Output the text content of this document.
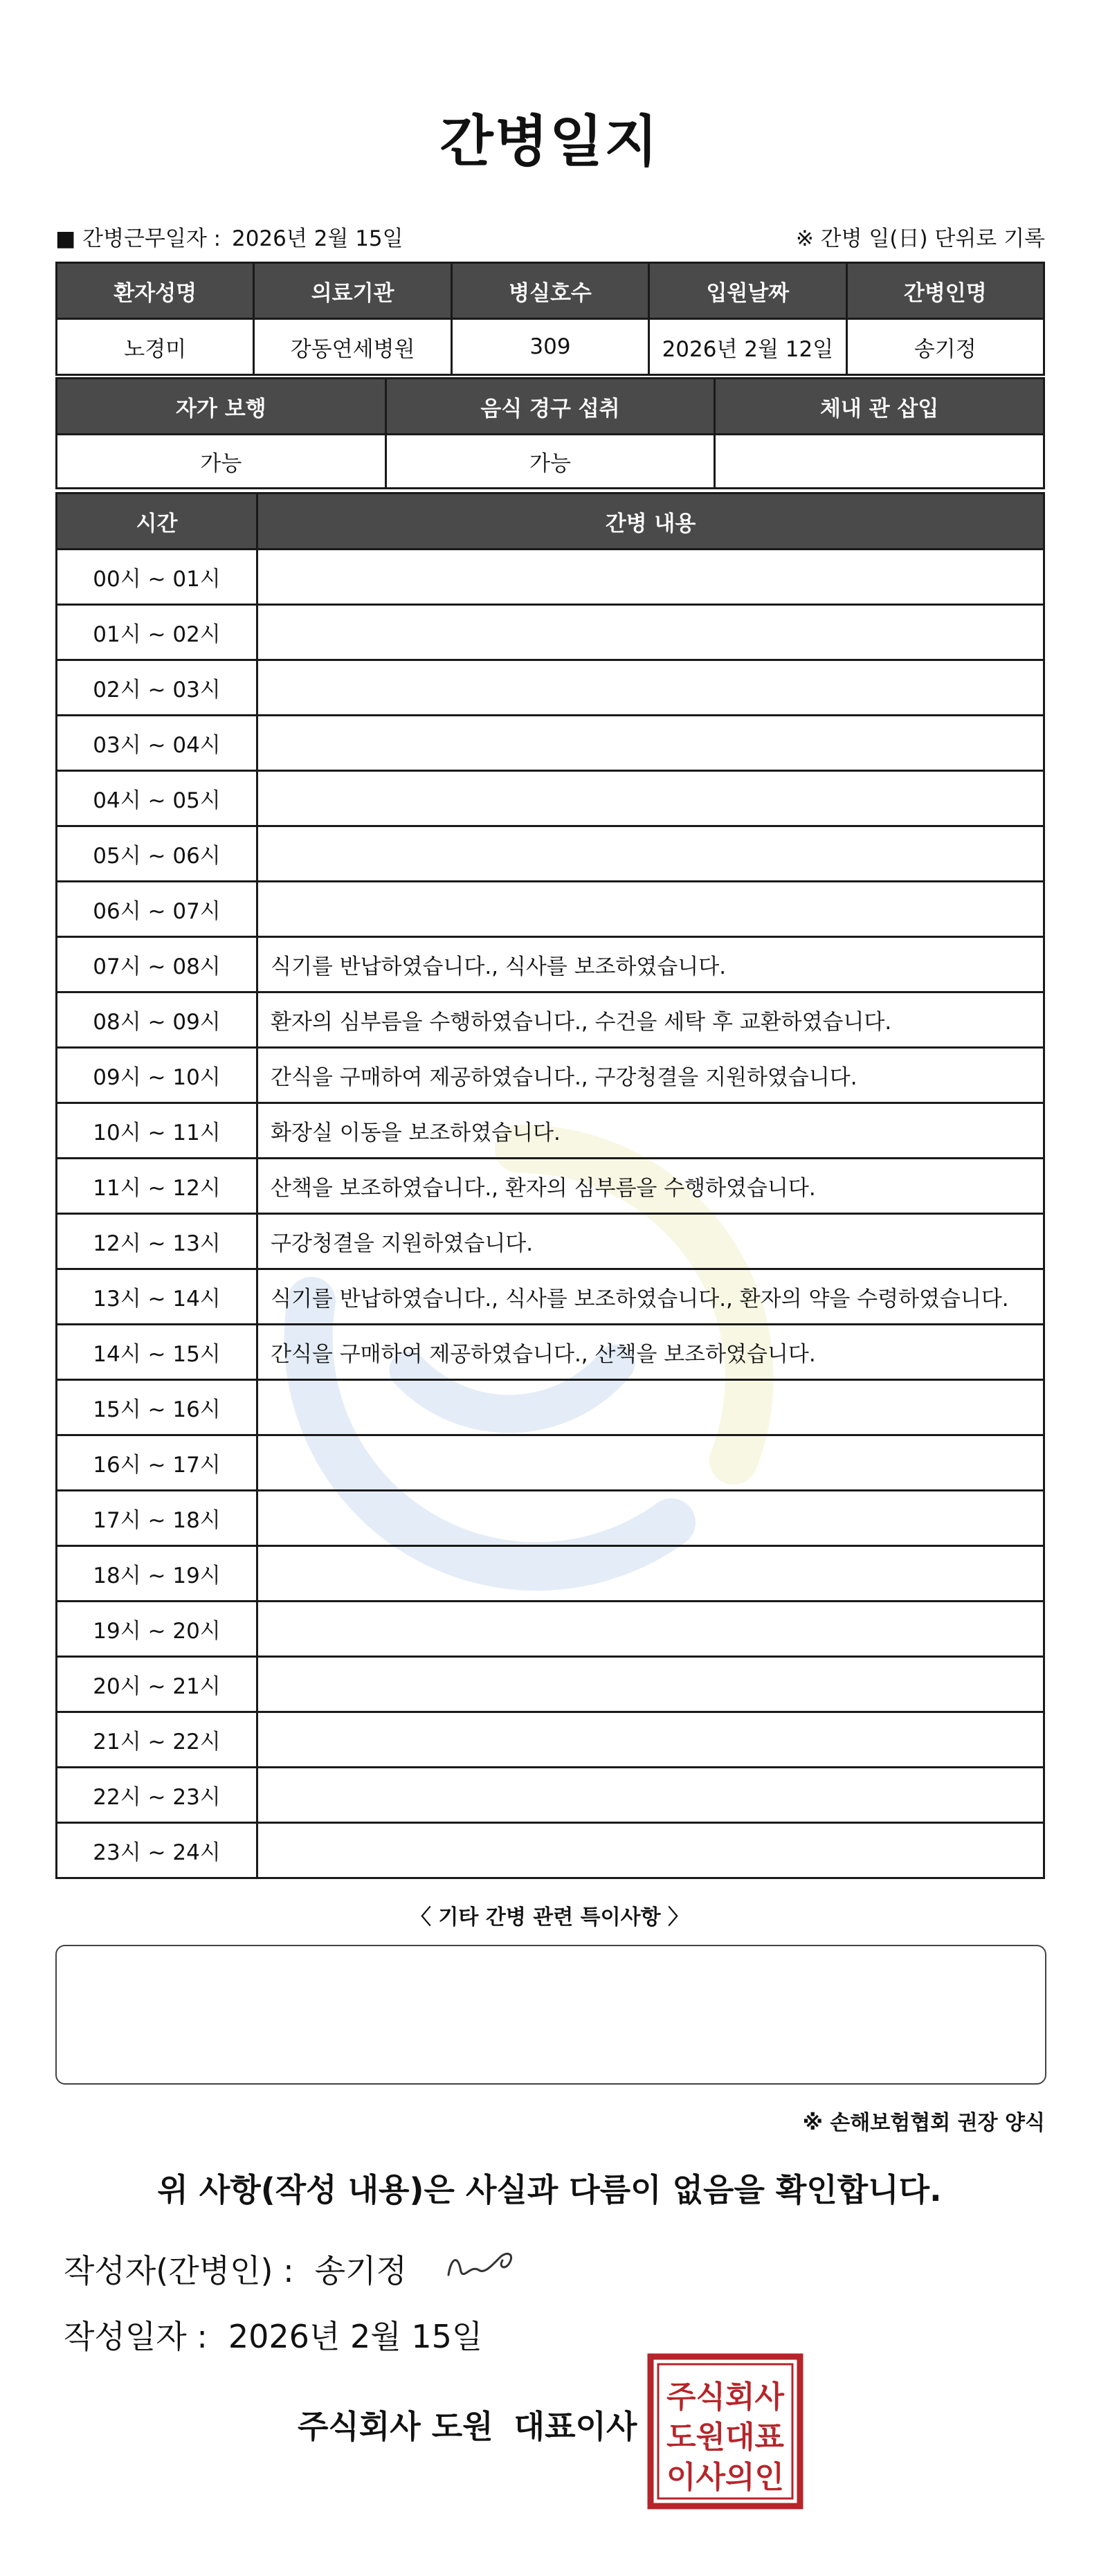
간병일지
■ 간병근무일자 : 2026년 2월 15일	※ 간병 일(日) 단위로 기록
환자성명	의료기관	병실호수	입원날짜	간병인명
노경미	강동연세병원	309	2026년 2월 12일	송기정
자가 보행	음식 경구 섭취	체내 관 삽입
가능	가능	
시간	간병 내용
00시 ~ 01시	
01시 ~ 02시	
02시 ~ 03시	
03시 ~ 04시	
04시 ~ 05시	
05시 ~ 06시	
06시 ~ 07시	
07시 ~ 08시	식기를 반납하였습니다., 식사를 보조하였습니다.
08시 ~ 09시	환자의 심부름을 수행하였습니다., 수건을 세탁 후 교환하였습니다.
09시 ~ 10시	간식을 구매하여 제공하였습니다., 구강청결을 지원하였습니다.
10시 ~ 11시	화장실 이동을 보조하였습니다.
11시 ~ 12시	산책을 보조하였습니다., 환자의 심부름을 수행하였습니다.
12시 ~ 13시	구강청결을 지원하였습니다.
13시 ~ 14시	식기를 반납하였습니다., 식사를 보조하였습니다., 환자의 약을 수령하였습니다.
14시 ~ 15시	간식을 구매하여 제공하였습니다., 산책을 보조하였습니다.
15시 ~ 16시	
16시 ~ 17시	
17시 ~ 18시	
18시 ~ 19시	
19시 ~ 20시	
20시 ~ 21시	
21시 ~ 22시	
22시 ~ 23시	
23시 ~ 24시	
〈 기타 간병 관련 특이사항 〉
※ 손해보험협회 권장 양식
위 사항(작성 내용)은 사실과 다름이 없음을 확인합니다.
작성자(간병인) : 송기정
작성일자 : 2026년 2월 15일
주식회사 도원 대표이사
주식회사
도원대표
이사의인
